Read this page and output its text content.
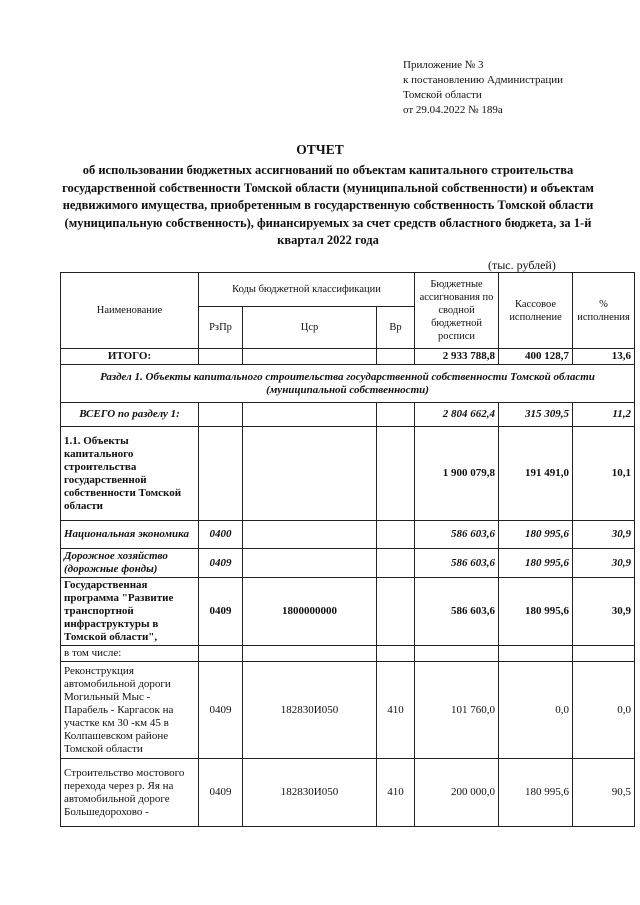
Приложение № 3
к постановлению Администрации
Томской области
от 29.04.2022 № 189а
ОТЧЕТ
об использовании бюджетных ассигнований по объектам капитального строительства государственной собственности Томской области (муниципальной собственности) и объектам недвижимого имущества, приобретенным в государственную собственность Томской области (муниципальную собственность), финансируемых за счет средств областного бюджета, за 1-й квартал 2022 года
(тыс. рублей)
Наименование	Коды бюджетной классификации			Бюджетные ассигнования по сводной бюджетной росписи	Кассовое исполнение	% исполнения
	РзПр	Цср	Вр			
ИТОГО:				2 933 788,8	400 128,7	13,6
Раздел 1. Объекты капитального строительства государственной собственности Томской области (муниципальной собственности)						
ВСЕГО по разделу 1:				2 804 662,4	315 309,5	11,2
1.1. Объекты капитального строительства государственной собственности Томской области				1 900 079,8	191 491,0	10,1
Национальная экономика	0400			586 603,6	180 995,6	30,9
Дорожное хозяйство (дорожные фонды)	0409			586 603,6	180 995,6	30,9
Государственная программа "Развитие транспортной инфраструктуры в Томской области",	0409	1800000000		586 603,6	180 995,6	30,9
в том числе:						
Реконструкция автомобильной дороги Могильный Мыс - Парабель - Каргасок на участке км 30 -км 45 в Колпашевском районе Томской области	0409	182830И050	410	101 760,0	0,0	0,0
Строительство мостового перехода через р. Яя на автомобильной дороге Большедорохово -	0409	182830И050	410	200 000,0	180 995,6	90,5
